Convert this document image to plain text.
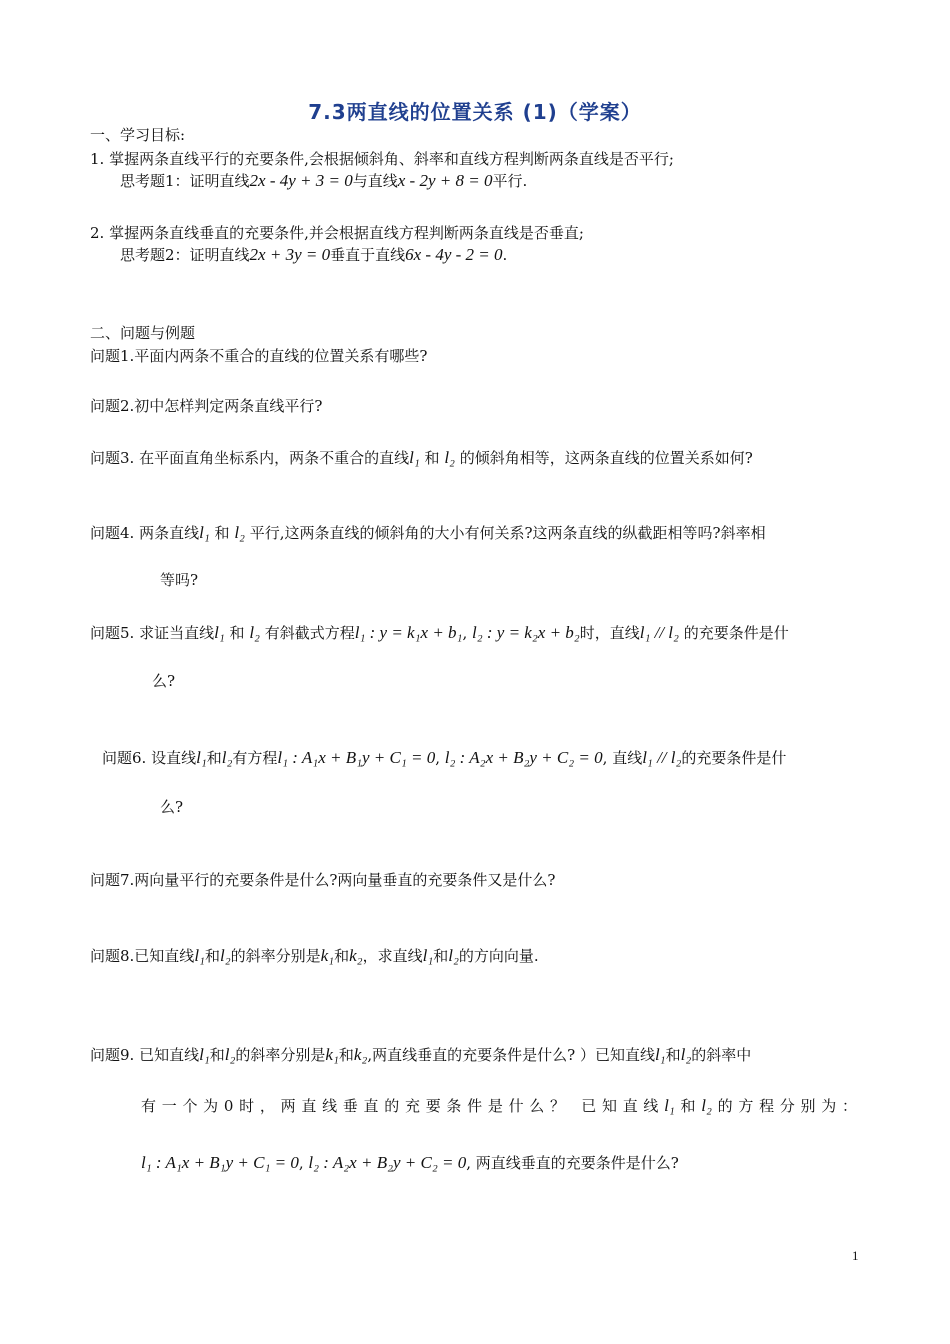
7.3两直线的位置关系 (1)（学案）
一、学习目标:
1. 掌握两条直线平行的充要条件,会根据倾斜角、斜率和直线方程判断两条直线是否平行;
思考题1：证明直线2x - 4y + 3 = 0与直线x - 2y + 8 = 0平行.
2. 掌握两条直线垂直的充要条件,并会根据直线方程判断两条直线是否垂直;
思考题2：证明直线2x + 3y = 0垂直于直线6x - 4y - 2 = 0.
二、问题与例题
问题1.平面内两条不重合的直线的位置关系有哪些?
问题2.初中怎样判定两条直线平行?
问题3. 在平面直角坐标系内，两条不重合的直线l₁ 和 l₂ 的倾斜角相等，这两条直线的位置关系如何?
问题4. 两条直线l₁ 和 l₂ 平行,这两条直线的倾斜角的大小有何关系?这两条直线的纵截距相等吗?斜率相
等吗?
问题5. 求证当直线l₁ 和 l₂ 有斜截式方程l₁ : y = k₁x + b₁, l₂ : y = k₂x + b₂时，直线l₁ // l₂ 的充要条件是什
么?
问题6. 设直线l₁和l₂有方程l₁ : A₁x + B₁y + C₁ = 0, l₂ : A₂x + B₂y + C₂ = 0, 直线l₁ // l₂的充要条件是什
么?
问题7.两向量平行的充要条件是什么?两向量垂直的充要条件又是什么?
问题8.已知直线l₁和l₂的斜率分别是k₁和k₂，求直线l₁和l₂的方向向量.
问题9. 已知直线l₁和l₂的斜率分别是k₁和k₂,两直线垂直的充要条件是什么? ）已知直线l₁和l₂的斜率中
有一个为0时，两直线垂直的充要条件是什么？ 已知直线l₁和l₂的方程分别为：
l₁ : A₁x + B₁y + C₁ = 0, l₂ : A₂x + B₂y + C₂ = 0, 两直线垂直的充要条件是什么?
1
